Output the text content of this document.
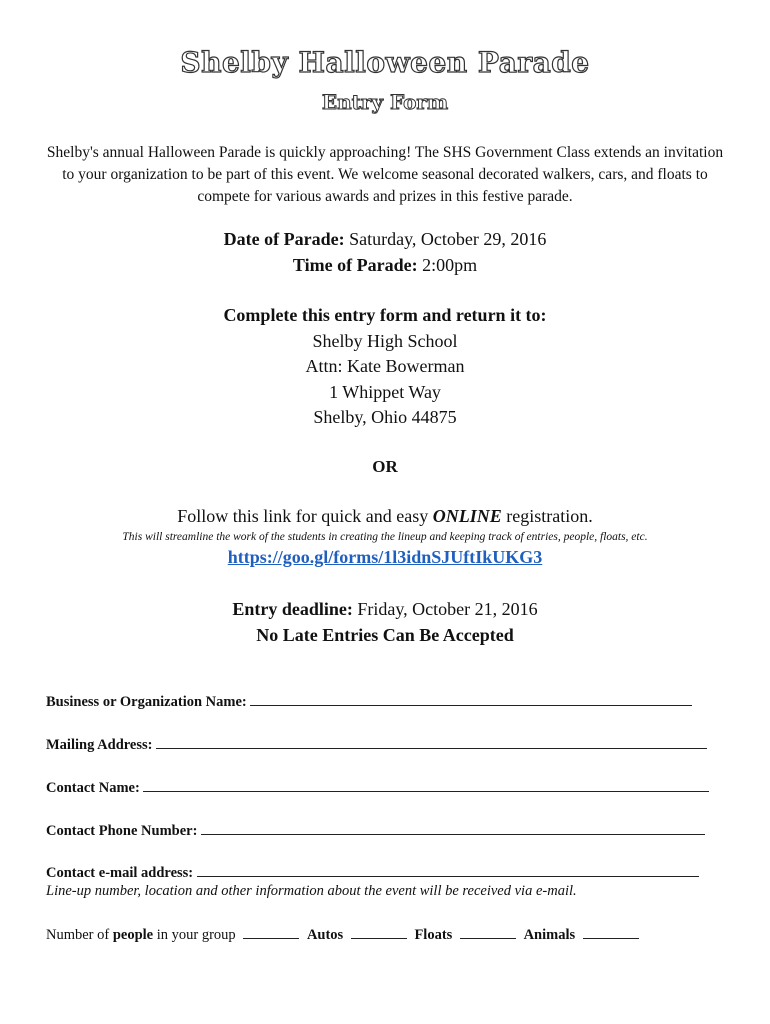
Shelby Halloween Parade
Entry Form
Shelby's annual Halloween Parade is quickly approaching! The SHS Government Class extends an invitation to your organization to be part of this event. We welcome seasonal decorated walkers, cars, and floats to compete for various awards and prizes in this festive parade.
Date of Parade: Saturday, October 29, 2016
Time of Parade: 2:00pm
Complete this entry form and return it to:
Shelby High School
Attn: Kate Bowerman
1 Whippet Way
Shelby, Ohio 44875
OR
Follow this link for quick and easy ONLINE registration.
This will streamline the work of the students in creating the lineup and keeping track of entries, people, floats, etc.
https://goo.gl/forms/1l3idnSJUftIkUKG3
Entry deadline: Friday, October 21, 2016
No Late Entries Can Be Accepted
Business or Organization Name:
Mailing Address:
Contact Name:
Contact Phone Number:
Contact e-mail address:
Line-up number, location and other information about the event will be received via e-mail.
Number of people in your group	Autos	Floats	Animals
